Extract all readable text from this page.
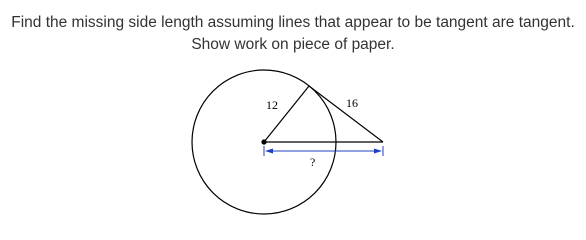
Find the missing side length assuming lines that appear to be tangent are tangent.
Show work on piece of paper.
12	16
?
